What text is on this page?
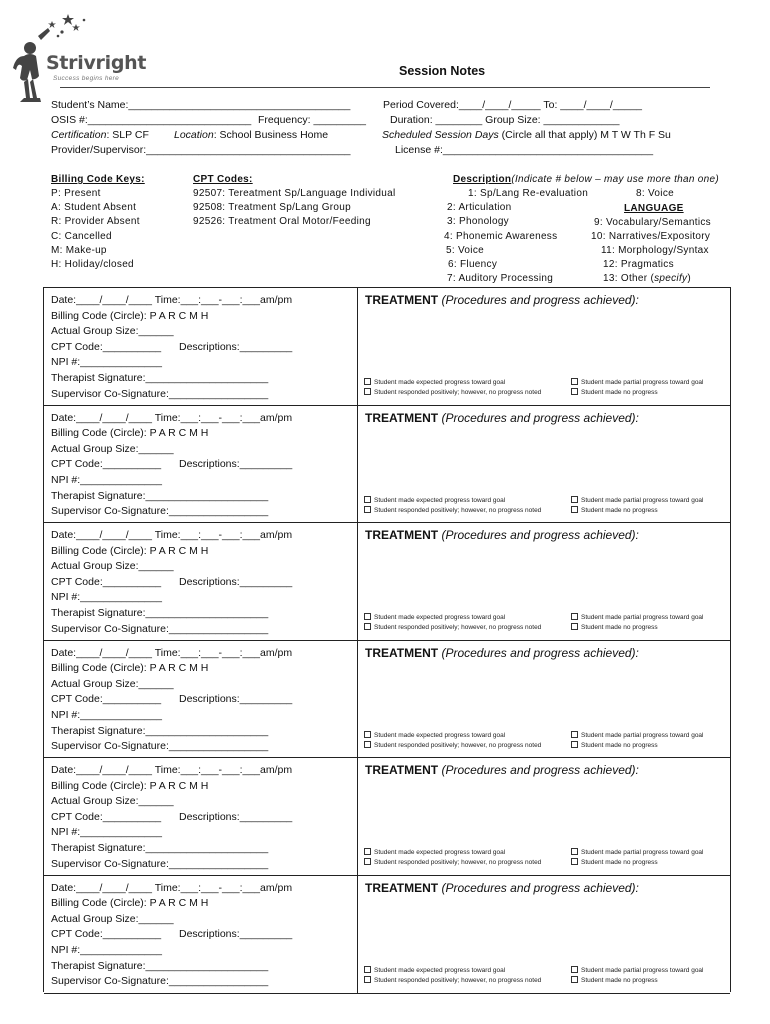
Strivright
Success begins here
Session Notes
Student’s Name:______________________________________	Period Covered:____/____/_____ To: ____/____/_____
OSIS #:____________________________ Frequency: _________ Duration: ________ Group Size: _____________
Certification: SLP CF Location: School Business Home	Scheduled Session Days (Circle all that apply) M T W Th F Su
Provider/Supervisor:___________________________________	License #:____________________________________
Billing Code Keys:
P: Present
A: Student Absent
R: Provider Absent
C: Cancelled
M: Make-up
H: Holiday/closed
CPT Codes:
92507: Tereatment Sp/Language Individual
92508: Treatment Sp/Lang Group
92526: Treatment Oral Motor/Feeding
Description(Indicate # below – may use more than one)
LANGUAGE
1: Sp/Lang Re-evaluation
2: Articulation
3: Phonology
4: Phonemic Awareness
5: Voice
6: Fluency
7: Auditory Processing
8: Voice
9: Vocabulary/Semantics
10: Narratives/Expository
11: Morphology/Syntax
12: Pragmatics
13: Other (specify)
Date:____/____/____ Time:___:___-___:___am/pm
Billing Code (Circle): P A R C M H
Actual Group Size:______
NPI #:______________
Therapist Signature:_____________________
Supervisor Co-Signature:_________________
CPT Code:__________ Descriptions:_________
TREATMENT (Procedures and progress achieved):
Student made expected progress toward goal	Student made partial progress toward goal
Student responded positively; however, no progress noted	Student made no progress
Date:____/____/____ Time:___:___-___:___am/pm
Billing Code (Circle): P A R C M H
Actual Group Size:______
NPI #:______________
Therapist Signature:_____________________
Supervisor Co-Signature:_________________
CPT Code:__________ Descriptions:_________
TREATMENT (Procedures and progress achieved):
Student made expected progress toward goal	Student made partial progress toward goal
Student responded positively; however, no progress noted	Student made no progress
Date:____/____/____ Time:___:___-___:___am/pm
Billing Code (Circle): P A R C M H
Actual Group Size:______
NPI #:______________
Therapist Signature:_____________________
Supervisor Co-Signature:_________________
CPT Code:__________ Descriptions:_________
TREATMENT (Procedures and progress achieved):
Student made expected progress toward goal	Student made partial progress toward goal
Student responded positively; however, no progress noted	Student made no progress
Date:____/____/____ Time:___:___-___:___am/pm
Billing Code (Circle): P A R C M H
Actual Group Size:______
NPI #:______________
Therapist Signature:_____________________
Supervisor Co-Signature:_________________
CPT Code:__________ Descriptions:_________
TREATMENT (Procedures and progress achieved):
Student made expected progress toward goal	Student made partial progress toward goal
Student responded positively; however, no progress noted	Student made no progress
Date:____/____/____ Time:___:___-___:___am/pm
Billing Code (Circle): P A R C M H
Actual Group Size:______
NPI #:______________
Therapist Signature:_____________________
Supervisor Co-Signature:_________________
CPT Code:__________ Descriptions:_________
TREATMENT (Procedures and progress achieved):
Student made expected progress toward goal	Student made partial progress toward goal
Student responded positively; however, no progress noted	Student made no progress
Date:____/____/____ Time:___:___-___:___am/pm
Billing Code (Circle): P A R C M H
Actual Group Size:______
NPI #:______________
Therapist Signature:_____________________
Supervisor Co-Signature:_________________
CPT Code:__________ Descriptions:_________
TREATMENT (Procedures and progress achieved):
Student made expected progress toward goal	Student made partial progress toward goal
Student responded positively; however, no progress noted	Student made no progress
